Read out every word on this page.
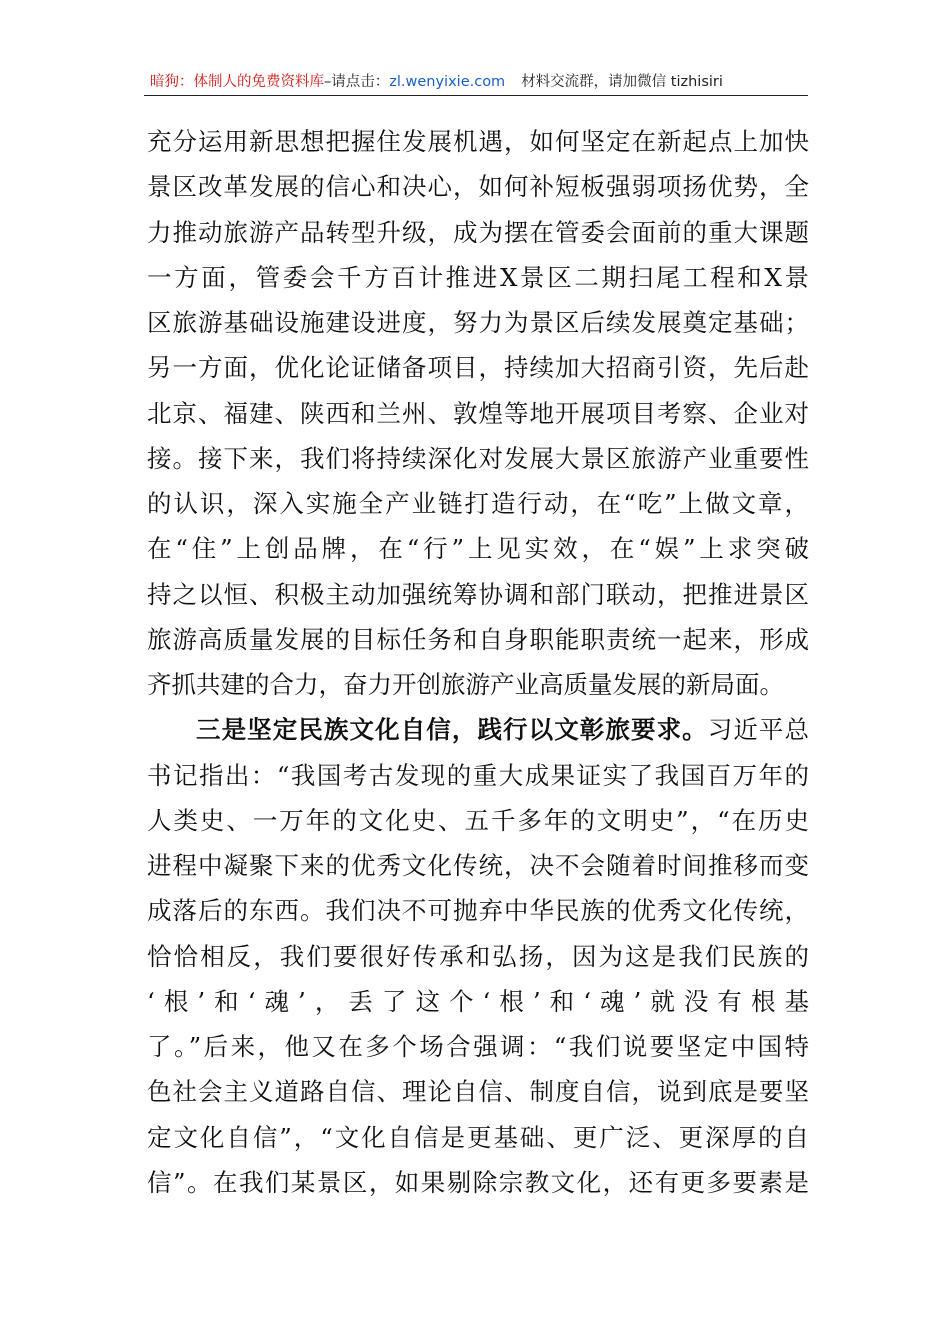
暗狗：体制人的免费资料库–请点击：zl.wenyixie.com 材料交流群，请加微信 tizhisiri
充分运用新思想把握住发展机遇，如何坚定在新起点上加快
景区改革发展的信心和决心，如何补短板强弱项扬优势，全
力推动旅游产品转型升级，成为摆在管委会面前的重大课题
一方面，管委会千方百计推进X景区二期扫尾工程和X景
区旅游基础设施建设进度，努力为景区后续发展奠定基础；
另一方面，优化论证储备项目，持续加大招商引资，先后赴
北京、福建、陕西和兰州、敦煌等地开展项目考察、企业对
接。接下来，我们将持续深化对发展大景区旅游产业重要性
的认识，深入实施全产业链打造行动，在“吃”上做文章，
在“住”上创品牌，在“行”上见实效，在“娱”上求突破
持之以恒、积极主动加强统筹协调和部门联动，把推进景区
旅游高质量发展的目标任务和自身职能职责统一起来，形成
齐抓共建的合力，奋力开创旅游产业高质量发展的新局面。
三是坚定民族文化自信，践行以文彰旅要求。习近平总
书记指出：“我国考古发现的重大成果证实了我国百万年的
人类史、一万年的文化史、五千多年的文明史”，“在历史
进程中凝聚下来的优秀文化传统，决不会随着时间推移而变
成落后的东西。我们决不可抛弃中华民族的优秀文化传统，
恰恰相反，我们要很好传承和弘扬，因为这是我们民族的
‘根’和‘魂’，丢了这个‘根’和‘魂’就没有根基
了。”后来，他又在多个场合强调：“我们说要坚定中国特
色社会主义道路自信、理论自信、制度自信，说到底是要坚
定文化自信”，“文化自信是更基础、更广泛、更深厚的自
信”。在我们某景区，如果剔除宗教文化，还有更多要素是
